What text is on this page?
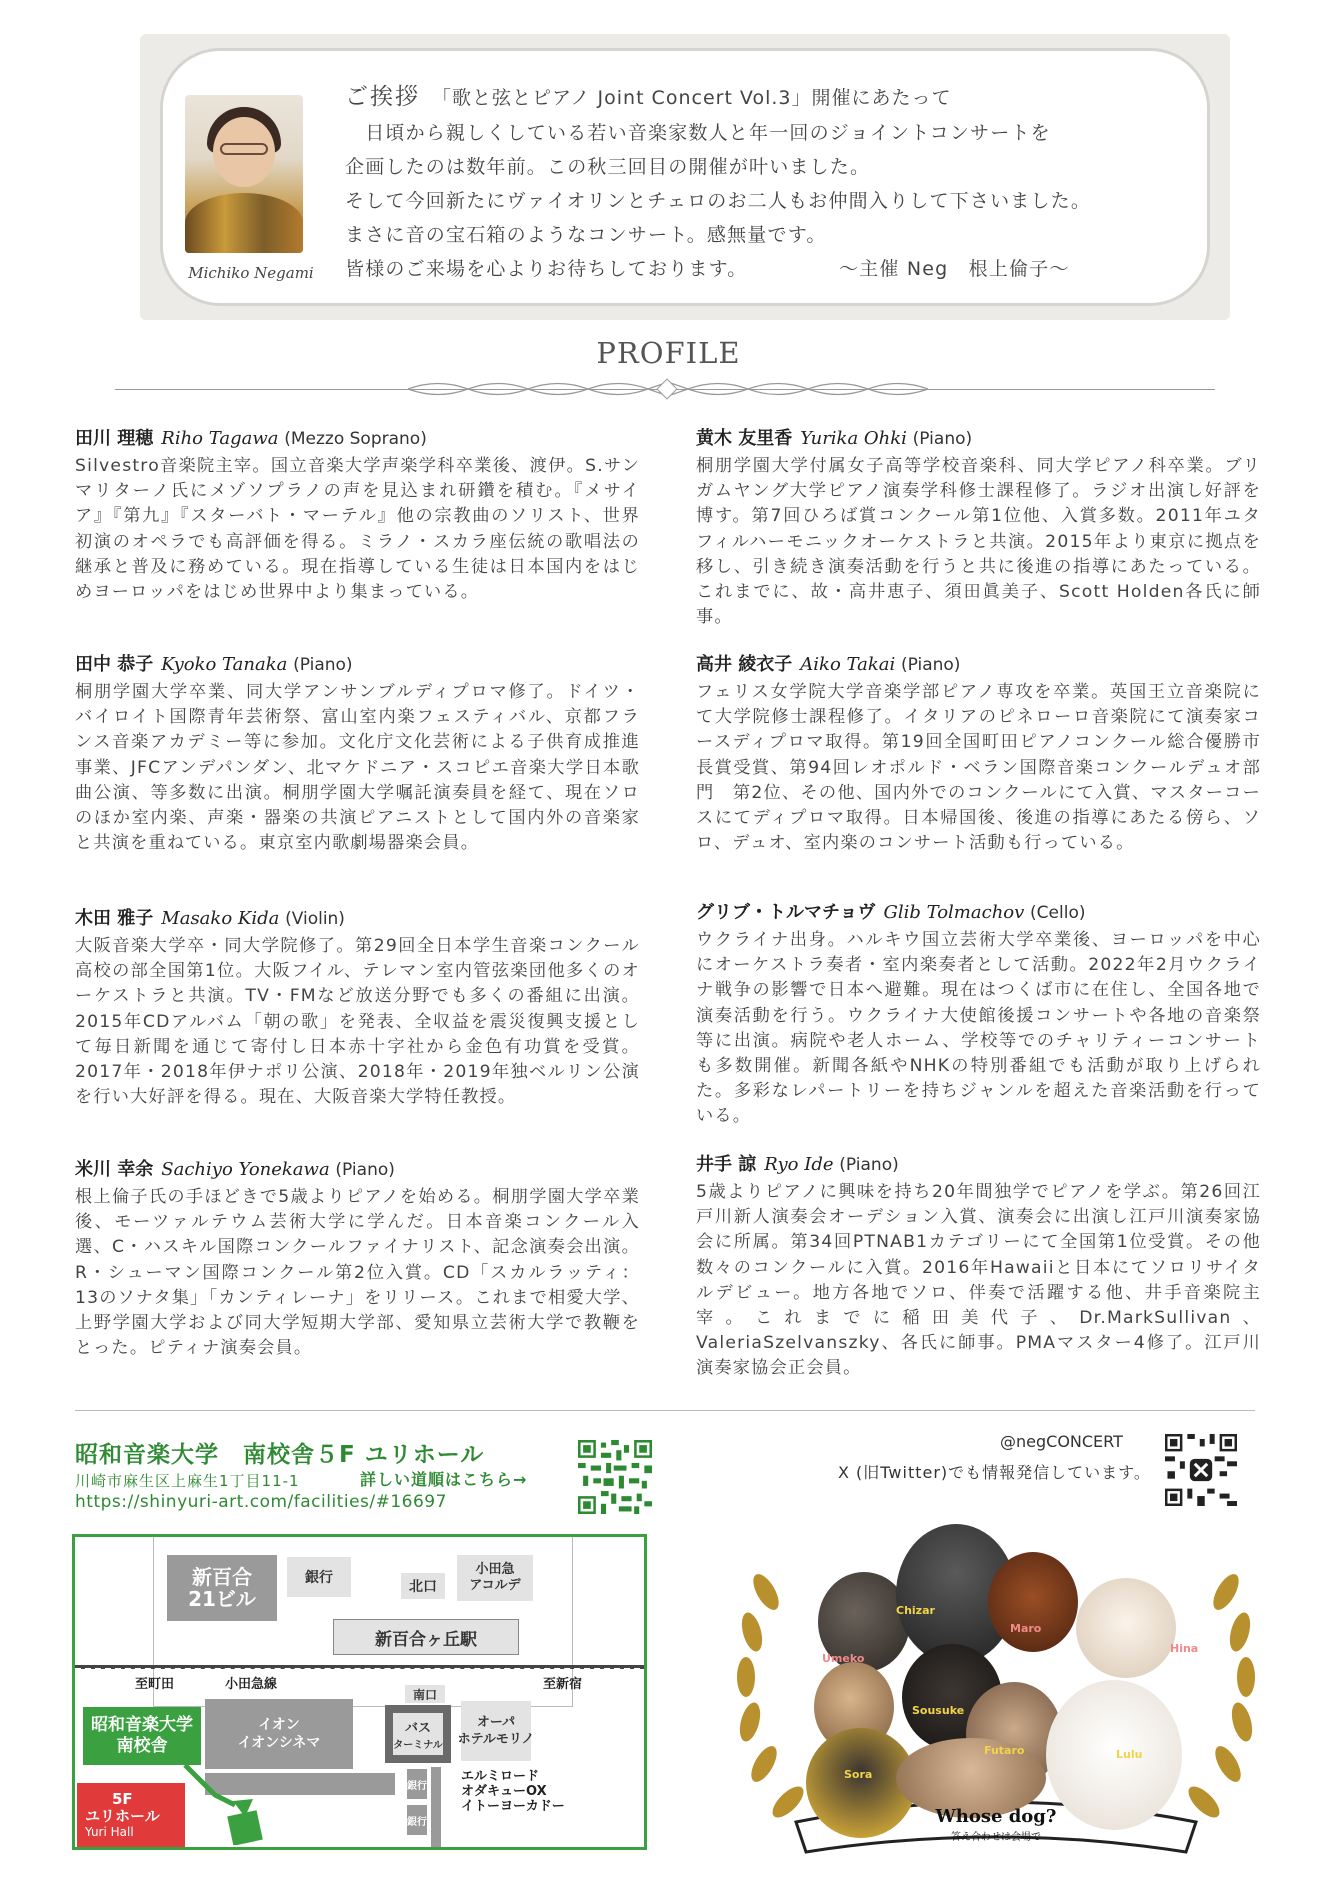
Michiko Negami
ご挨拶 「歌と弦とピアノ Joint Concert Vol.3」開催にあたって
　日頃から親しくしている若い音楽家数人と年一回のジョイントコンサートを
企画したのは数年前。この秋三回目の開催が叶いました。
そして今回新たにヴァイオリンとチェロのお二人もお仲間入りして下さいました。
まさに音の宝石箱のようなコンサート。感無量です。
皆様のご来場を心よりお待ちしております。　　　　　～主催 Neg　根上倫子～
PROFILE
田川 理穂 Riho Tagawa (Mezzo Soprano)
Silvestro音楽院主宰。国立音楽大学声楽学科卒業後、渡伊。S.サンマリターノ氏にメゾソプラノの声を見込まれ研鑽を積む。『メサイア』『第九』『スターバト・マーテル』他の宗教曲のソリスト、世界初演のオペラでも高評価を得る。ミラノ・スカラ座伝統の歌唱法の継承と普及に務めている。現在指導している生徒は日本国内をはじめヨーロッパをはじめ世界中より集まっている。
田中 恭子 Kyoko Tanaka (Piano)
桐朋学園大学卒業、同大学アンサンブルディプロマ修了。ドイツ・バイロイト国際青年芸術祭、富山室内楽フェスティバル、京都フランス音楽アカデミー等に参加。文化庁文化芸術による子供育成推進事業、JFCアンデパンダン、北マケドニア・スコピエ音楽大学日本歌曲公演、等多数に出演。桐朋学園大学嘱託演奏員を経て、現在ソロのほか室内楽、声楽・器楽の共演ピアニストとして国内外の音楽家と共演を重ねている。東京室内歌劇場器楽会員。
木田 雅子 Masako Kida (Violin)
大阪音楽大学卒・同大学院修了。第29回全日本学生音楽コンクール高校の部全国第1位。大阪フイル、テレマン室内管弦楽団他多くのオーケストラと共演。TV・FMなど放送分野でも多くの番組に出演。2015年CDアルバム「朝の歌」を発表、全収益を震災復興支援として毎日新聞を通じて寄付し日本赤十字社から金色有功賞を受賞。2017年・2018年伊ナポリ公演、2018年・2019年独ベルリン公演を行い大好評を得る。現在、大阪音楽大学特任教授。
米川 幸余 Sachiyo Yonekawa (Piano)
根上倫子氏の手ほどきで5歳よりピアノを始める。桐朋学園大学卒業後、モーツァルテウム芸術大学に学んだ。日本音楽コンクール入選、C・ハスキル国際コンクールファイナリスト、記念演奏会出演。R・シューマン国際コンクール第2位入賞。CD「スカルラッティ：13のソナタ集」「カンティレーナ」をリリース。これまで相愛大学、上野学園大学および同大学短期大学部、愛知県立芸術大学で教鞭をとった。ピティナ演奏会員。
黄木 友里香 Yurika Ohki (Piano)
桐朋学園大学付属女子高等学校音楽科、同大学ピアノ科卒業。ブリガムヤング大学ピアノ演奏学科修士課程修了。ラジオ出演し好評を博す。第7回ひろば賞コンクール第1位他、入賞多数。2011年ユタフィルハーモニックオーケストラと共演。2015年より東京に拠点を移し、引き続き演奏活動を行うと共に後進の指導にあたっている。これまでに、故・高井恵子、須田眞美子、Scott Holden各氏に師事。
高井 綾衣子 Aiko Takai (Piano)
フェリス女学院大学音楽学部ピアノ専攻を卒業。英国王立音楽院にて大学院修士課程修了。イタリアのピネローロ音楽院にて演奏家コースディプロマ取得。第19回全国町田ピアノコンクール総合優勝市長賞受賞、第94回レオポルド・ベラン国際音楽コンクールデュオ部門　第2位、その他、国内外でのコンクールにて入賞、マスターコースにてディプロマ取得。日本帰国後、後進の指導にあたる傍ら、ソロ、デュオ、室内楽のコンサート活動も行っている。
グリブ・トルマチョヴ Glib Tolmachov (Cello)
ウクライナ出身。ハルキウ国立芸術大学卒業後、ヨーロッパを中心にオーケストラ奏者・室内楽奏者として活動。2022年2月ウクライナ戦争の影響で日本へ避難。現在はつくば市に在住し、全国各地で演奏活動を行う。ウクライナ大使館後援コンサートや各地の音楽祭等に出演。病院や老人ホーム、学校等でのチャリティーコンサートも多数開催。新聞各紙やNHKの特別番組でも活動が取り上げられた。多彩なレパートリーを持ちジャンルを超えた音楽活動を行っている。
井手 諒 Ryo Ide (Piano)
5歳よりピアノに興味を持ち20年間独学でピアノを学ぶ。第26回江戸川新人演奏会オーデション入賞、演奏会に出演し江戸川演奏家協会に所属。第34回PTNAB1カテゴリーにて全国第1位受賞。その他数々のコンクールに入賞。2016年Hawaiiと日本にてソロリサイタルデビュー。地方各地でソロ、伴奏で活躍する他、井手音楽院主宰。これまでに稲田美代子、Dr.MarkSullivan、ValeriaSzelvanszky、各氏に師事。PMAマスター4修了。江戸川演奏家協会正会員。
昭和音楽大学　南校舎５F ユリホール
川崎市麻生区上麻生1丁目11-1	詳しい道順はこちら→
https://shinyuri-art.com/facilities/#16697
@negCONCERT
X (旧Twitter)でも情報発信しています。
新百合
21ビル
銀行
北口
小田急
アコルデ
新百合ヶ丘駅
至町田	小田急線	至新宿
南口
イオン
イオンシネマ
バス
ターミナル
オーパ
ホテルモリノ
昭和音楽大学
南校舎
銀行
銀行
エルミロード
オダキューOX
イトーヨーカドー
5F
ユリホール
Yuri Hall
Chizar
Maro
Umeko
Hina
Sousuke
Futaro
Sora
Lulu
Whose dog?
答え合わせは会場で
